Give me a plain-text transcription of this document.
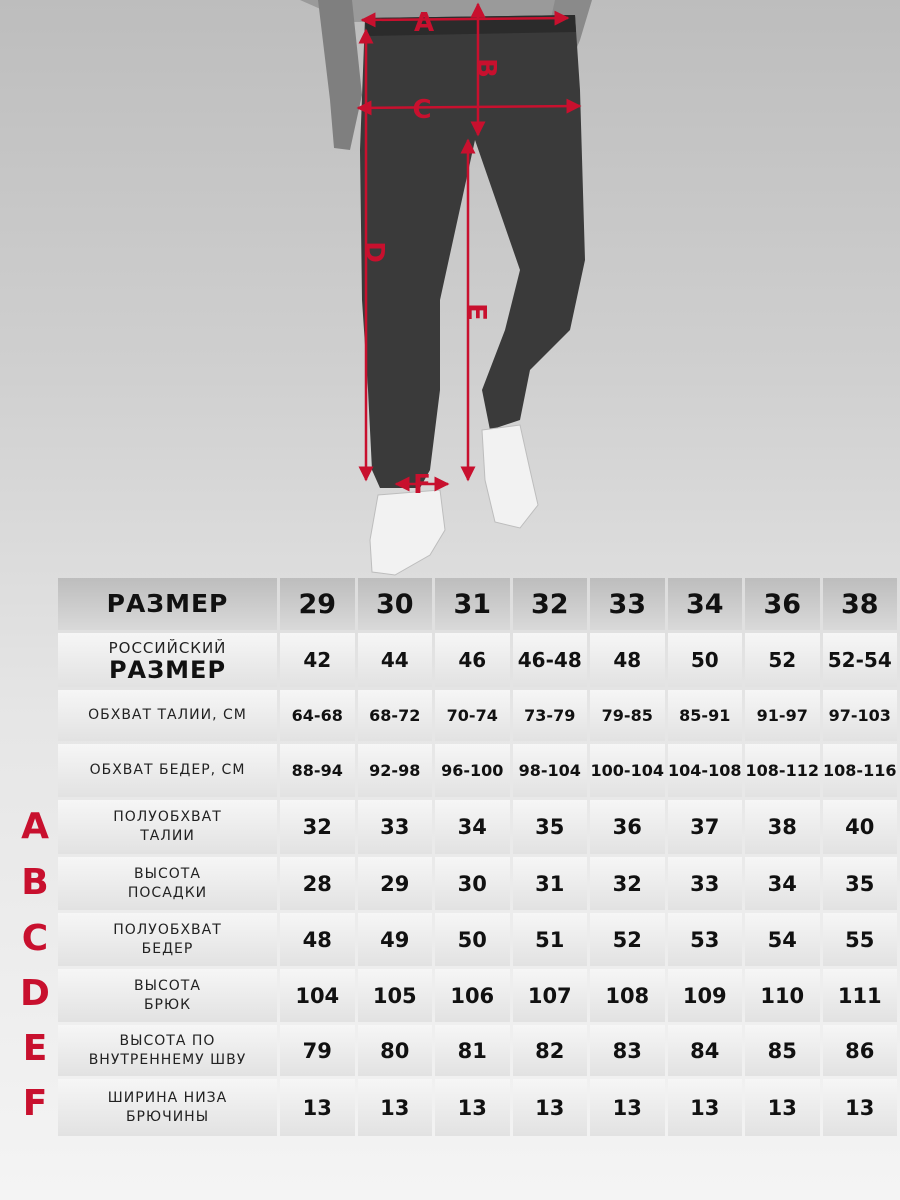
A
B
C
D
E
F
A
B
C
D
E
F
РАЗМЕР	29	30	31	32	33	34	36	38

РОССИЙСКИЙ
РАЗМЕР	42	44	46	46-48	48	50	52	52-54
ОБХВАТ ТАЛИИ, СМ	64-68	68-72	70-74	73-79	79-85	85-91	91-97	97-103
ОБХВАТ БЕДЕР, СМ	88-94	92-98	96-100	98-104	100-104	104-108	108-112	108-116

ПОЛУОБХВАТ
ТАЛИИ	32	33	34	35	36	37	38	40

ВЫСОТА
ПОСАДКИ	28	29	30	31	32	33	34	35

ПОЛУОБХВАТ
БЕДЕР	48	49	50	51	52	53	54	55

ВЫСОТА
БРЮК	104	105	106	107	108	109	110	111

ВЫСОТА ПО
ВНУТРЕННЕМУ ШВУ	79	80	81	82	83	84	85	86

ШИРИНА НИЗА
БРЮЧИНЫ	13	13	13	13	13	13	13	13
